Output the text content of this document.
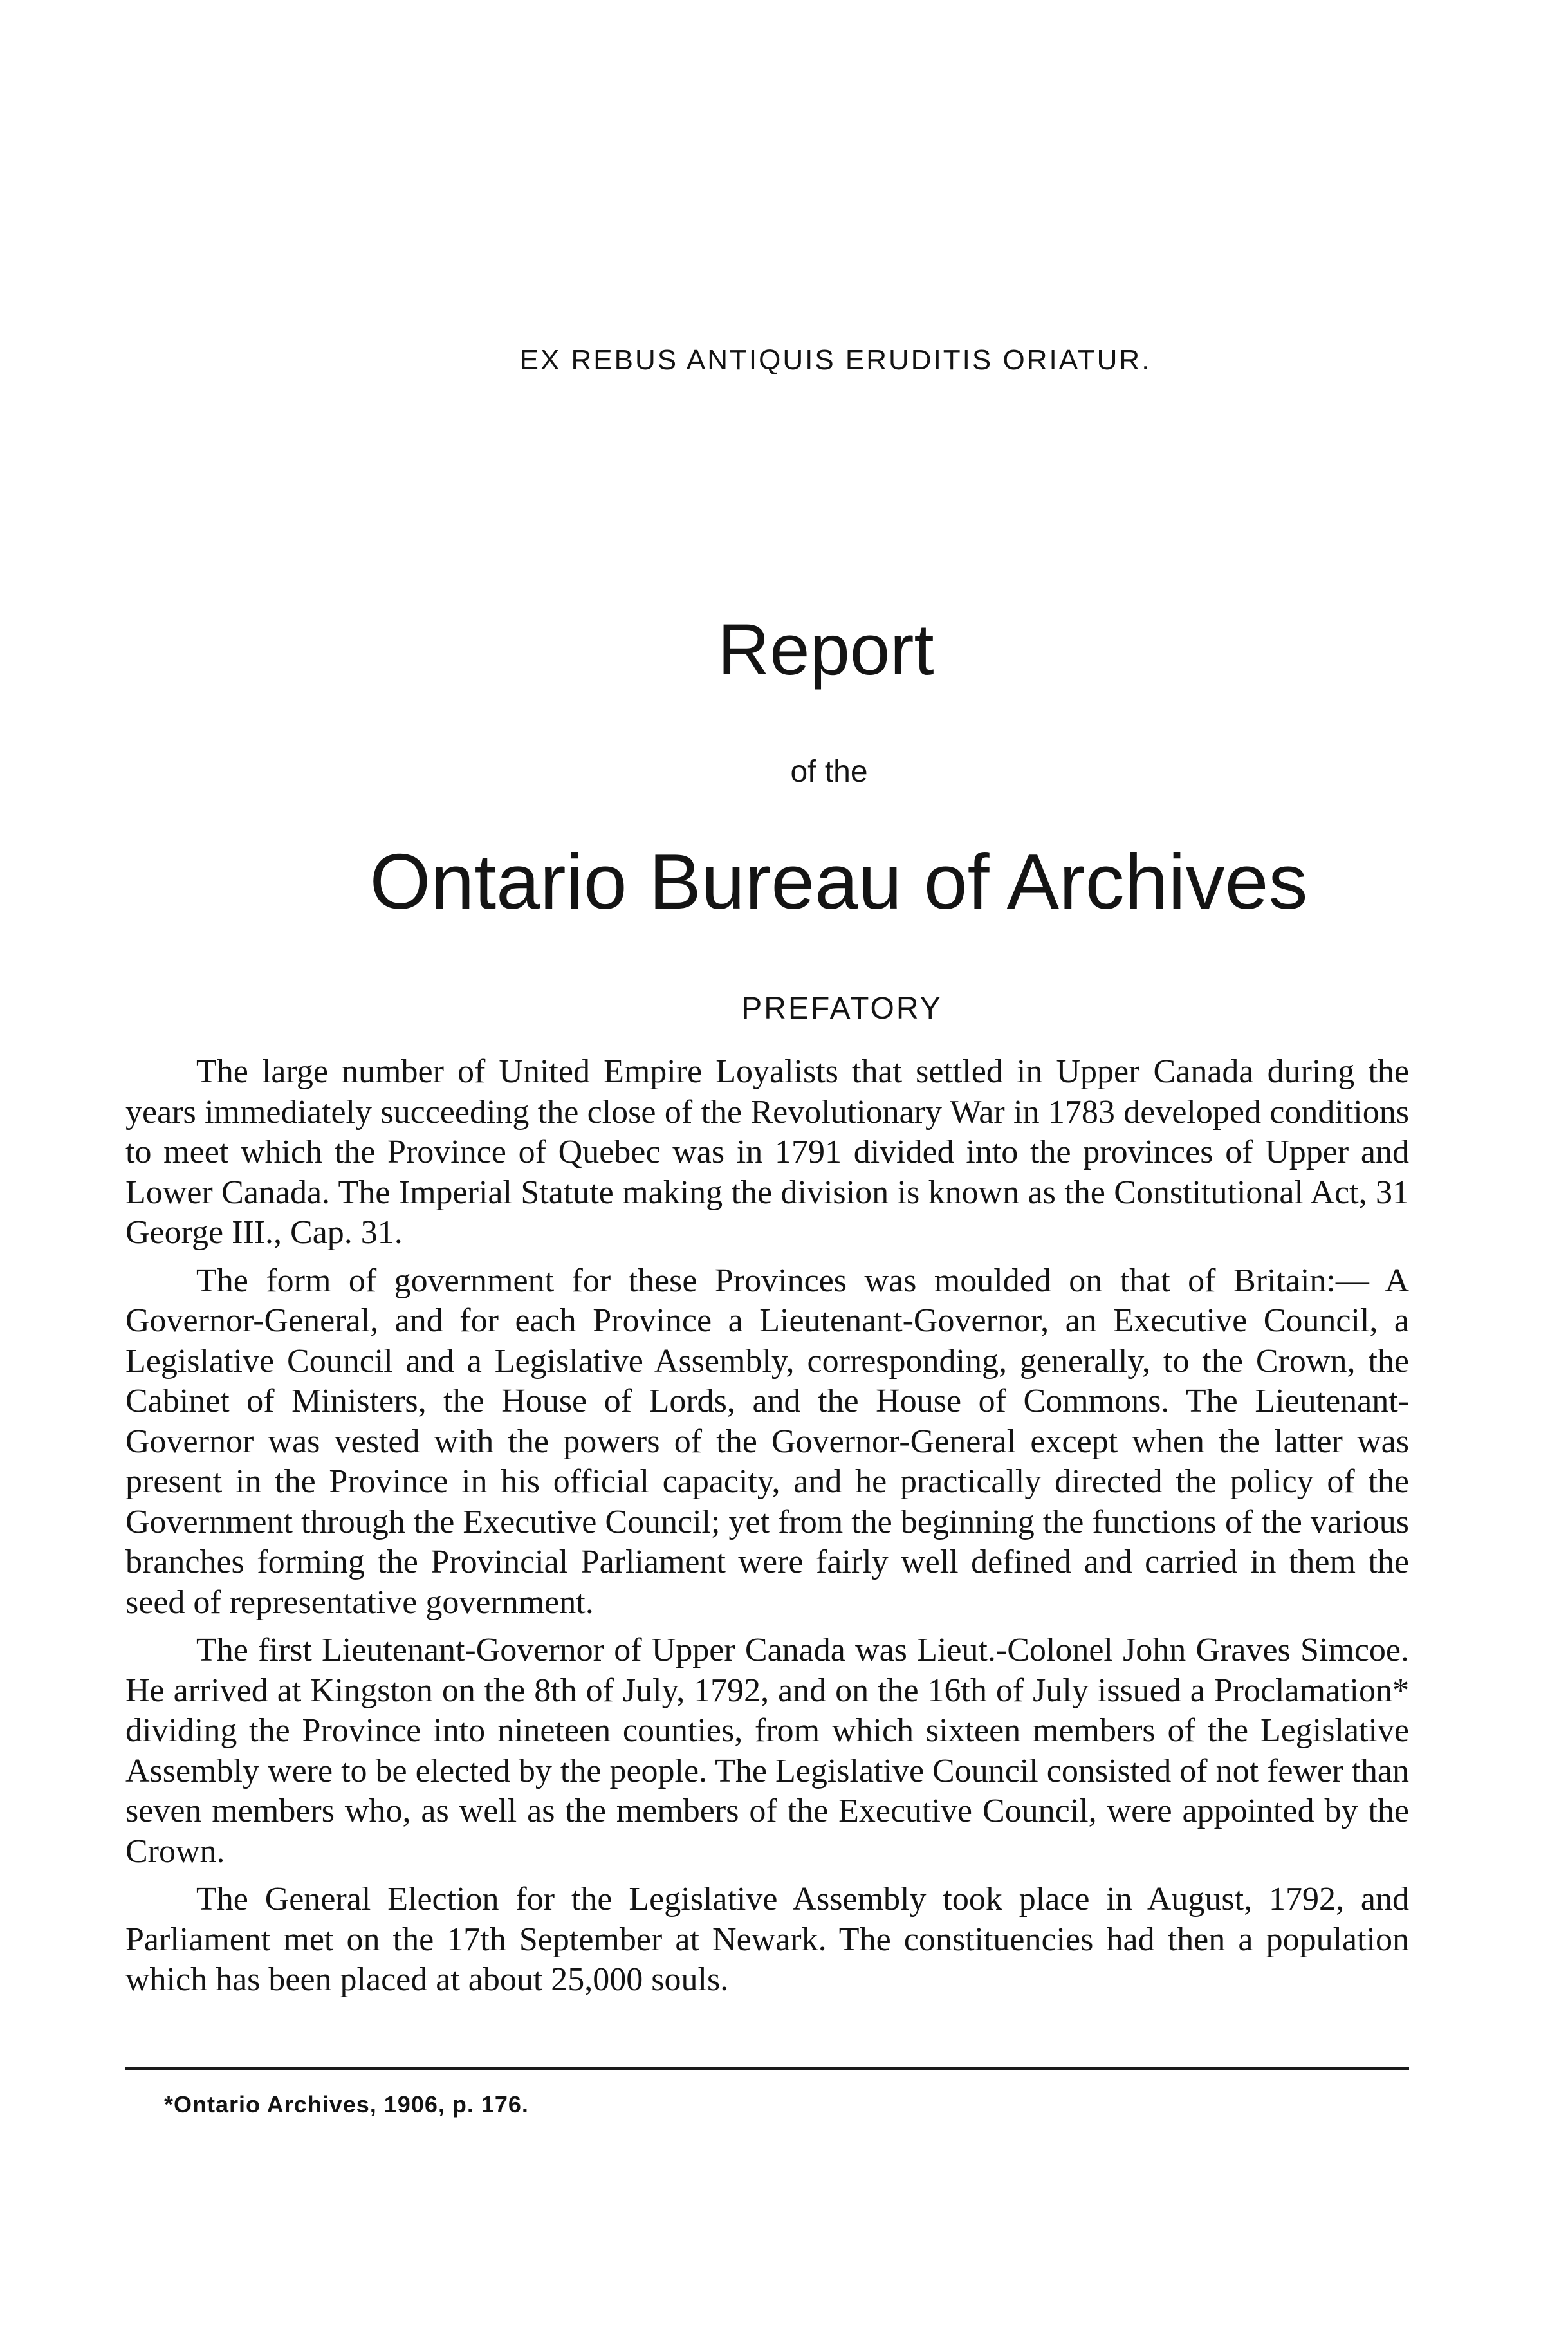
EX REBUS ANTIQUIS ERUDITIS ORIATUR.
Report
of the
Ontario Bureau of Archives
PREFATORY

The large number of United Empire Loyalists that settled in Upper Canada during the years immediately succeeding the close of the Revolutionary War in 1783 developed conditions to meet which the Province of Quebec was in 1791 divided into the provinces of Upper and Lower Canada. The Imperial Statute making the division is known as the Constitutional Act, 31 George III., Cap. 31.

The form of government for these Provinces was moulded on that of Britain:— A Governor-General, and for each Province a Lieutenant-Governor, an Executive Council, a Legislative Council and a Legislative Assembly, corresponding, generally, to the Crown, the Cabinet of Ministers, the House of Lords, and the House of Commons. The Lieutenant-Governor was vested with the powers of the Governor-General except when the latter was present in the Province in his official capacity, and he practically directed the policy of the Government through the Executive Council; yet from the beginning the functions of the various branches forming the Provincial Parliament were fairly well defined and carried in them the seed of representative government.

The first Lieutenant-Governor of Upper Canada was Lieut.-Colonel John Graves Simcoe. He arrived at Kingston on the 8th of July, 1792, and on the 16th of July issued a Proclamation* dividing the Province into nineteen counties, from which sixteen members of the Legislative Assembly were to be elected by the people. The Legislative Council consisted of not fewer than seven members who, as well as the members of the Executive Council, were appointed by the Crown.

The General Election for the Legislative Assembly took place in August, 1792, and Parliament met on the 17th September at Newark. The constituencies had then a population which has been placed at about 25,000 souls.

*Ontario Archives, 1906, p. 176.
